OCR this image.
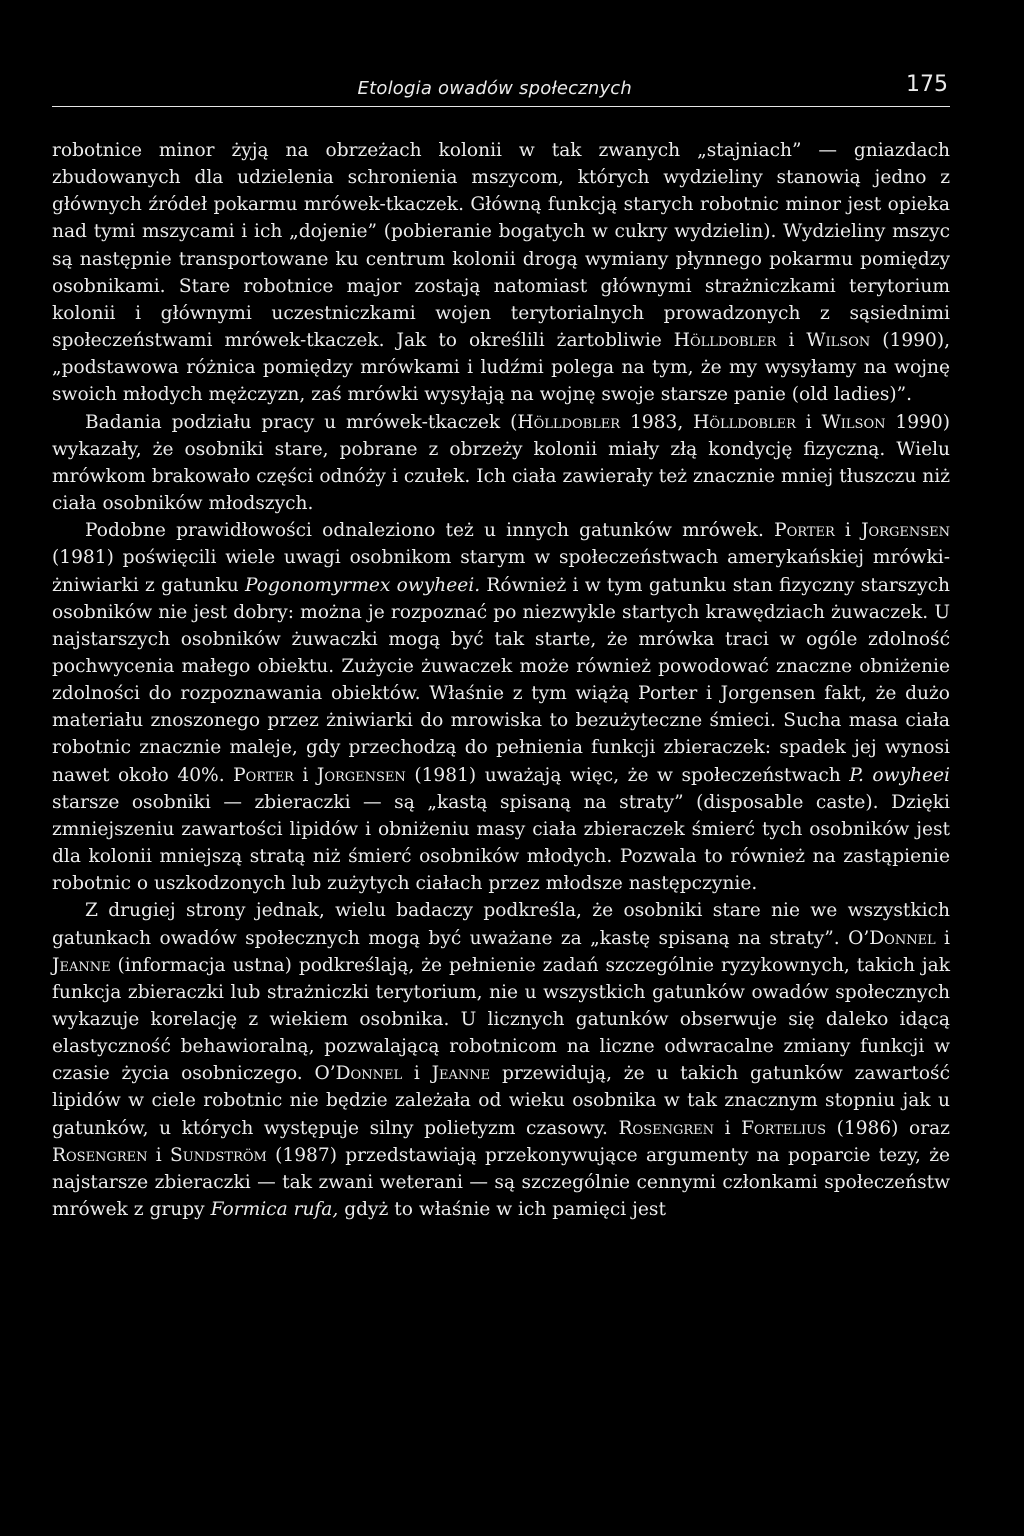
Etologia owadów społecznych	175

robotnice minor żyją na obrzeżach kolonii w tak zwanych „stajniach” — gniazdach zbudowanych dla udzielenia schronienia mszycom, których wydzieliny stanowią jedno z głównych źródeł pokarmu mrówek-tkaczek. Główną funkcją starych robotnic minor jest opieka nad tymi mszycami i ich „dojenie” (pobieranie bogatych w cukry wydzielin). Wydzieliny mszyc są następnie transportowane ku centrum kolonii drogą wymiany płynnego pokarmu pomiędzy osobnikami. Stare robotnice major zostają natomiast głównymi strażniczkami terytorium kolonii i głównymi uczestniczkami wojen terytorialnych prowadzonych z sąsiednimi społeczeństwami mrówek-tkaczek. Jak to określili żartobliwie Hölldobler i Wilson (1990), „podstawowa różnica pomiędzy mrówkami i ludźmi polega na tym, że my wysyłamy na wojnę swoich młodych mężczyzn, zaś mrówki wysyłają na wojnę swoje starsze panie (old ladies)”.

Badania podziału pracy u mrówek-tkaczek (Hölldobler 1983, Hölldobler i Wilson 1990) wykazały, że osobniki stare, pobrane z obrzeży kolonii miały złą kondycję fizyczną. Wielu mrówkom brakowało części odnóży i czułek. Ich ciała zawierały też znacznie mniej tłuszczu niż ciała osobników młodszych.

Podobne prawidłowości odnaleziono też u innych gatunków mrówek. Porter i Jorgensen (1981) poświęcili wiele uwagi osobnikom starym w społeczeństwach amerykańskiej mrówki-żniwiarki z gatunku Pogonomyrmex owyheei. Również i w tym gatunku stan fizyczny starszych osobników nie jest dobry: można je rozpoznać po niezwykle startych krawędziach żuwaczek. U najstarszych osobników żuwaczki mogą być tak starte, że mrówka traci w ogóle zdolność pochwycenia małego obiektu. Zużycie żuwaczek może również powodować znaczne obniżenie zdolności do rozpoznawania obiektów. Właśnie z tym wiążą Porter i Jorgensen fakt, że dużo materiału znoszonego przez żniwiarki do mrowiska to bezużyteczne śmieci. Sucha masa ciała robotnic znacznie maleje, gdy przechodzą do pełnienia funkcji zbieraczek: spadek jej wynosi nawet około 40%. Porter i Jorgensen (1981) uważają więc, że w społeczeństwach P. owyheei starsze osobniki — zbieraczki — są „kastą spisaną na straty” (disposable caste). Dzięki zmniejszeniu zawartości lipidów i obniżeniu masy ciała zbieraczek śmierć tych osobników jest dla kolonii mniejszą stratą niż śmierć osobników młodych. Pozwala to również na zastąpienie robotnic o uszkodzonych lub zużytych ciałach przez młodsze następczynie.

Z drugiej strony jednak, wielu badaczy podkreśla, że osobniki stare nie we wszystkich gatunkach owadów społecznych mogą być uważane za „kastę spisaną na straty”. O’Donnel i Jeanne (informacja ustna) podkreślają, że pełnienie zadań szczególnie ryzykownych, takich jak funkcja zbieraczki lub strażniczki terytorium, nie u wszystkich gatunków owadów społecznych wykazuje korelację z wiekiem osobnika. U licznych gatunków obserwuje się daleko idącą elastyczność behawioralną, pozwalającą robotnicom na liczne odwracalne zmiany funkcji w czasie życia osobniczego. O’Donnel i Jeanne przewidują, że u takich gatunków zawartość lipidów w ciele robotnic nie będzie zależała od wieku osobnika w tak znacznym stopniu jak u gatunków, u których występuje silny polietyzm czasowy. Rosengren i Fortelius (1986) oraz Rosengren i Sundström (1987) przedstawiają przekonywujące argumenty na poparcie tezy, że najstarsze zbieraczki — tak zwani weterani — są szczególnie cennymi członkami społeczeństw mrówek z grupy Formica rufa, gdyż to właśnie w ich pamięci jest
